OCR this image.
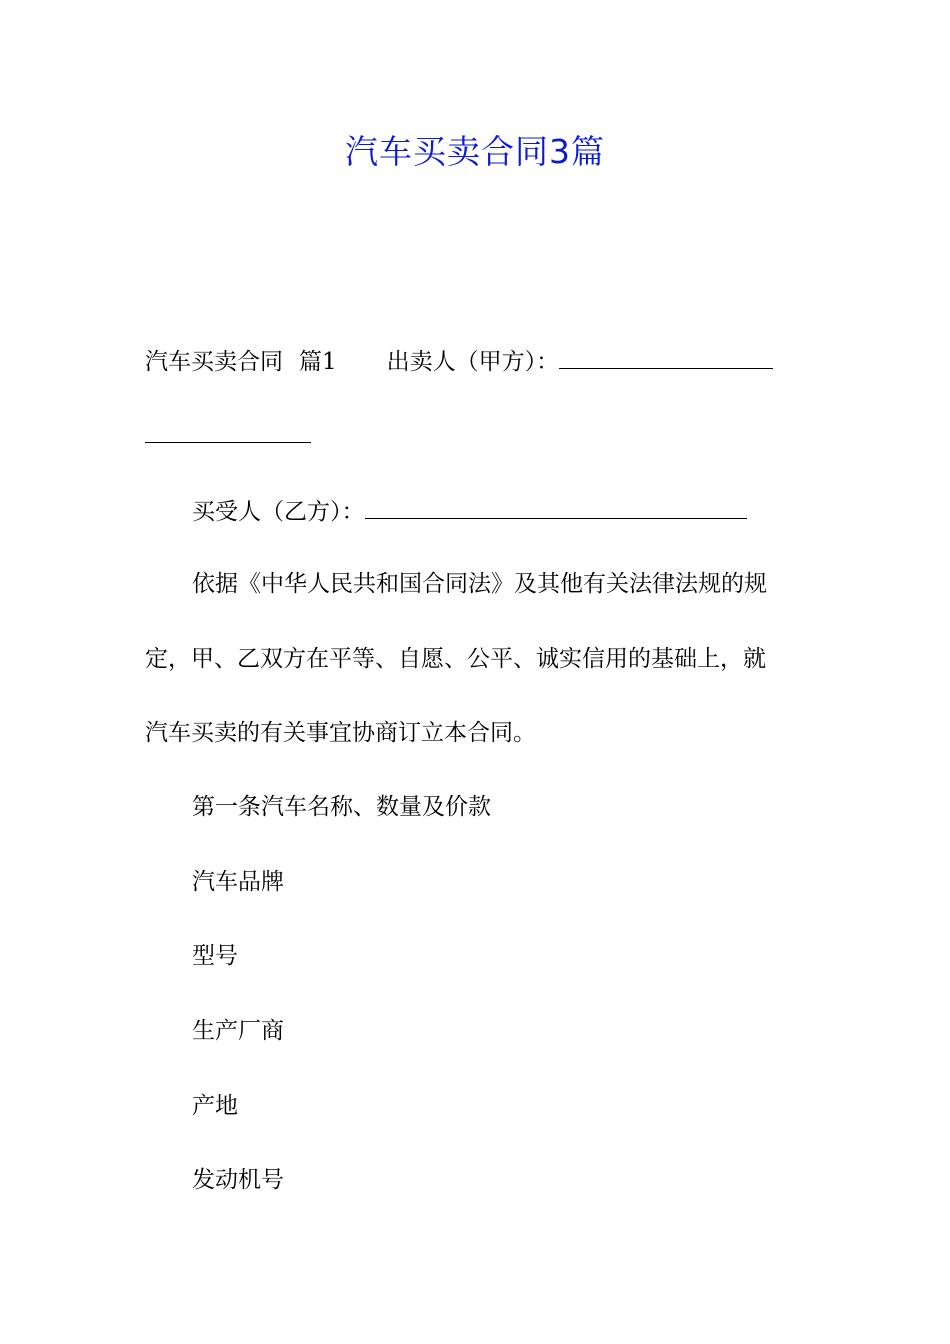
汽车买卖合同3篇
汽车买卖合同 篇1 出卖人（甲方）：
买受人（乙方）：
依据《中华人民共和国合同法》及其他有关法律法规的规
定，甲、乙双方在平等、自愿、公平、诚实信用的基础上，就
汽车买卖的有关事宜协商订立本合同。
第一条汽车名称、数量及价款
汽车品牌
型号
生产厂商
产地
发动机号
